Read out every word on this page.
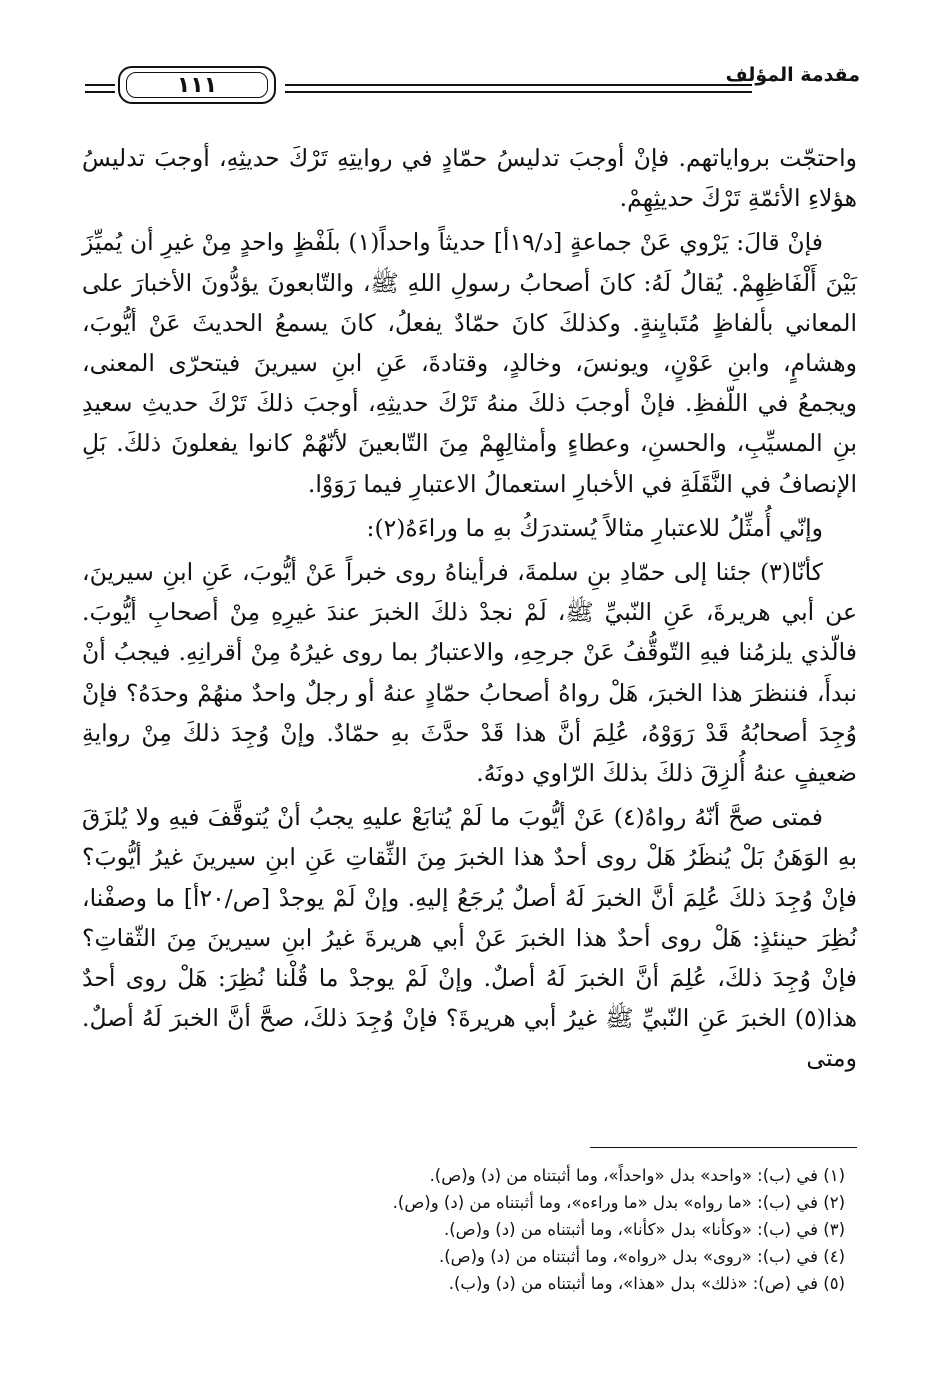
مقدمة المؤلف
١١١

واحتجّت برواياتهم. فإنْ أوجبَ تدليسُ حمّادٍ في روايتِهِ تَرْكَ حديثِهِ، أوجبَ تدليسُ هؤلاءِ الأئمّةِ تَرْكَ حديثِهِمْ.

فإنْ قالَ: يَرْوي عَنْ جماعةٍ [د/١٩أ] حديثاً واحداً(١) بلَفْظٍ واحدٍ مِنْ غيرِ أن يُميِّزَ بَيْنَ أَلْفَاظِهِمْ. يُقالُ لَهُ: كانَ أصحابُ رسولِ اللهِ ﷺ، والتّابعونَ يؤدُّونَ الأخبارَ على المعاني بألفاظٍ مُتَبايِنةٍ. وكذلكَ كانَ حمّادٌ يفعلُ، كانَ يسمعُ الحديثَ عَنْ أيُّوبَ، وهشامٍ، وابنِ عَوْنٍ، ويونسَ، وخالدٍ، وقتادةَ، عَنِ ابنِ سيرينَ فيتحرّى المعنى، ويجمعُ في اللّفظِ. فإنْ أوجبَ ذلكَ منهُ تَرْكَ حديثِهِ، أوجبَ ذلكَ تَرْكَ حديثِ سعيدِ بنِ المسيِّبِ، والحسنِ، وعطاءٍ وأمثالِهِمْ مِنَ التّابعينَ لأنّهُمْ كانوا يفعلونَ ذلكَ. بَلِ الإنصافُ في النَّقَلَةِ في الأخبارِ استعمالُ الاعتبارِ فيما رَوَوْا.

وإنّي أُمثِّلُ للاعتبارِ مثالاً يُستدرَكُ بهِ ما وراءَهُ(٢):

كأنّا(٣) جئنا إلى حمّادِ بنِ سلمةَ، فرأيناهُ روى خبراً عَنْ أيُّوبَ، عَنِ ابنِ سيرينَ، عن أبي هريرةَ، عَنِ النّبيِّ ﷺ، لَمْ نجدْ ذلكَ الخبرَ عندَ غيرِهِ مِنْ أصحابِ أيُّوبَ. فالّذي يلزمُنا فيهِ التّوقُّفُ عَنْ جرحِهِ، والاعتبارُ بما روى غيرُهُ مِنْ أقرانِهِ. فيجبُ أنْ نبدأَ، فننظرَ هذا الخبرَ، هَلْ رواهُ أصحابُ حمّادٍ عنهُ أو رجلٌ واحدٌ منهُمْ وحدَهُ؟ فإنْ وُجِدَ أصحابُهُ قَدْ رَوَوْهُ، عُلِمَ أنَّ هذا قَدْ حدَّثَ بهِ حمّادٌ. وإنْ وُجِدَ ذلكَ مِنْ روايةِ ضعيفٍ عنهُ أُلزِقَ ذلكَ بذلكَ الرّاوي دونَهُ.

فمتى صحَّ أنّهُ رواهُ(٤) عَنْ أيُّوبَ ما لَمْ يُتابَعْ عليهِ يجبُ أنْ يُتوقَّفَ فيهِ ولا يُلزَقَ بهِ الوَهَنُ بَلْ يُنظَرُ هَلْ روى أحدٌ هذا الخبرَ مِنَ الثِّقاتِ عَنِ ابنِ سيرينَ غيرُ أيُّوبَ؟ فإنْ وُجِدَ ذلكَ عُلِمَ أنَّ الخبرَ لَهُ أصلٌ يُرجَعُ إليهِ. وإنْ لَمْ يوجدْ [ص/٢٠أ] ما وصفْنا، نُظِرَ حينئذٍ: هَلْ روى أحدٌ هذا الخبرَ عَنْ أبي هريرةَ غيرُ ابنِ سيرينَ مِنَ الثّقاتِ؟ فإنْ وُجِدَ ذلكَ، عُلِمَ أنَّ الخبرَ لَهُ أصلٌ. وإنْ لَمْ يوجدْ ما قُلْنا نُظِرَ: هَلْ روى أحدٌ هذا(٥) الخبرَ عَنِ النّبيِّ ﷺ غيرُ أبي هريرةَ؟ فإنْ وُجِدَ ذلكَ، صحَّ أنَّ الخبرَ لَهُ أصلٌ. ومتى

(١) في (ب): «واحد» بدل «واحداً»، وما أثبتناه من (د) و(ص).
(٢) في (ب): «ما رواه» بدل «ما وراءه»، وما أثبتناه من (د) و(ص).
(٣) في (ب): «وكأنا» بدل «كأنا»، وما أثبتناه من (د) و(ص).
(٤) في (ب): «روى» بدل «رواه»، وما أثبتناه من (د) و(ص).
(٥) في (ص): «ذلك» بدل «هذا»، وما أثبتناه من (د) و(ب).
